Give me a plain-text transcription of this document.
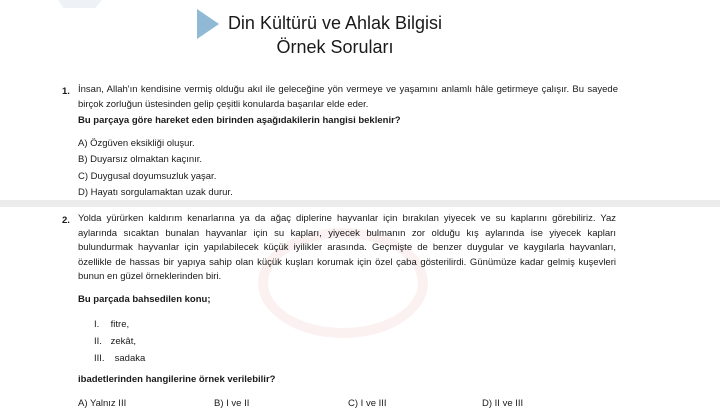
Din Kültürü ve Ahlak Bilgisi
Örnek Soruları
1. İnsan, Allah'ın kendisine vermiş olduğu akıl ile geleceğine yön vermeye ve yaşamını anlamlı hâle getirmeye çalışır. Bu sayede birçok zorluğun üstesinden gelip çeşitli konularda başarılar elde eder.
Bu parçaya göre hareket eden birinden aşağıdakilerin hangisi beklenir?
A) Özgüven eksikliği oluşur.
B) Duyarsız olmaktan kaçınır.
C) Duygusal doyumsuzluk yaşar.
D) Hayatı sorgulamaktan uzak durur.
2. Yolda yürürken kaldırım kenarlarına ya da ağaç diplerine hayvanlar için bırakılan yiyecek ve su kaplarını görebiliriz. Yaz aylarında sıcaktan bunalan hayvanlar için su kapları, yiyecek bulmanın zor olduğu kış aylarında ise yiyecek kapları bulundurmak hayvanlar için yapılabilecek küçük iyilikler arasında. Geçmişte de benzer duygular ve kaygılarla hayvanları, özellikle de hassas bir yapıya sahip olan küçük kuşları korumak için özel çaba gösterilirdi. Günümüze kadar gelmiş kuşevleri bunun en güzel örneklerinden biri.
Bu parçada bahsedilen konu;
I. fitre,
II. zekât,
III. sadaka
ibadetlerinden hangilerine örnek verilebilir?
A) Yalnız III	B) I ve II	C) I ve III	D) II ve III
